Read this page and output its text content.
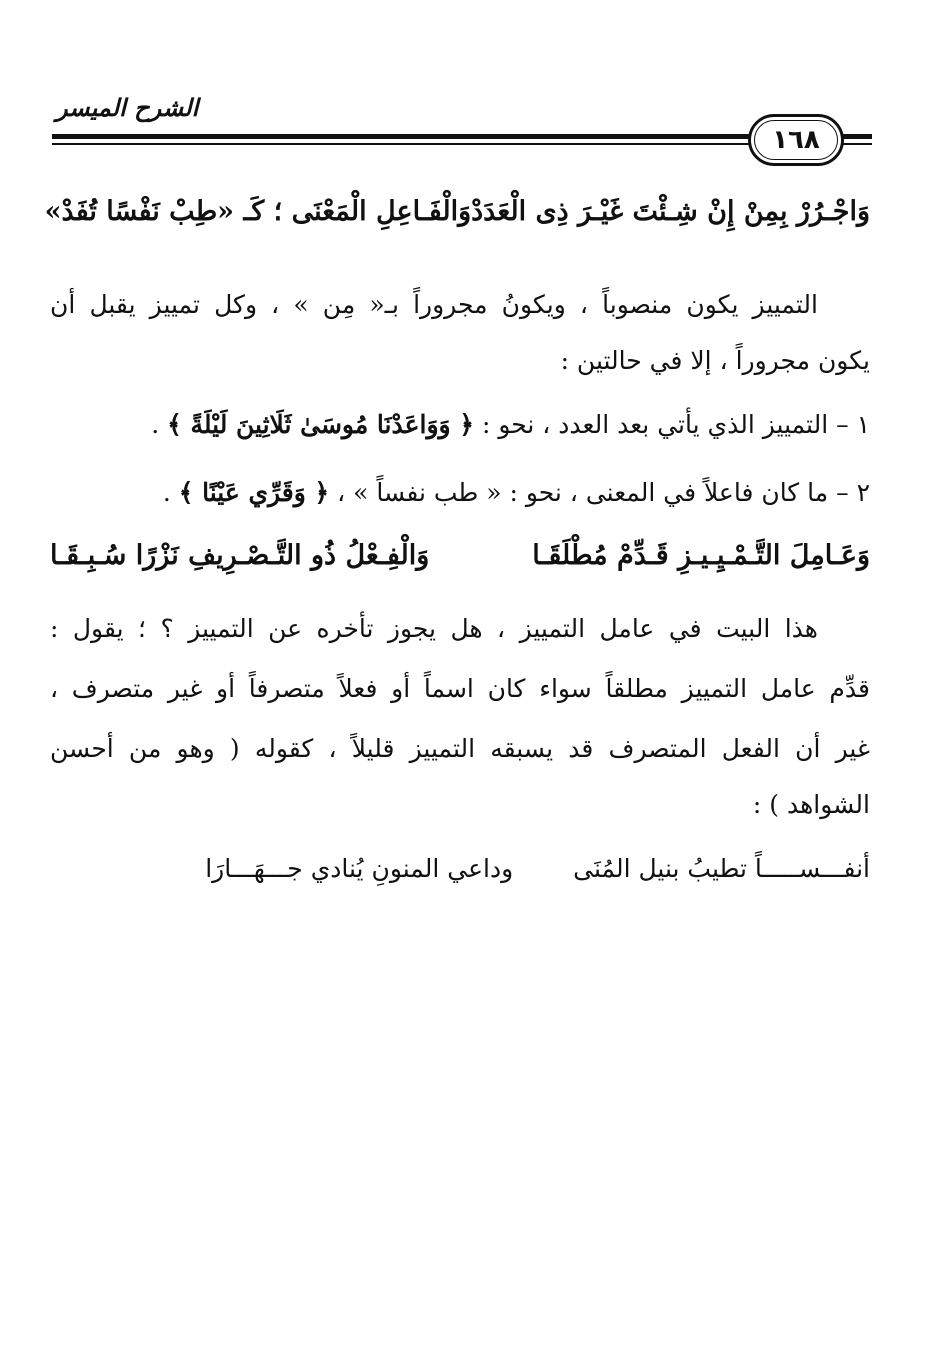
الشرح الميسر
١٦٨
وَاجْـرُرْ بِمِنْ إِنْ شِـئْتَ غَيْـرَ ذِى الْعَدَدْ
وَالْفَـاعِلِ الْمَعْنَى ؛ كَـ «طِبْ نَفْسًا تُفَدْ»
التمييز يكون منصوباً ، ويكونُ مجروراً بـ« مِن » ، وكل تمييز يقبل أن
يكون مجروراً ، إلا في حالتين :
١ – التمييز الذي يأتي بعد العدد ، نحو : ﴿ وَوَاعَدْنَا مُوسَىٰ ثَلَاثِينَ لَيْلَةً ﴾ .
٢ – ما كان فاعلاً في المعنى ، نحو : « طب نفساً » ، ﴿ وَقَرِّي عَيْنًا ﴾ .
وَعَـامِلَ التَّـمْـيِـيـزِ قَـدِّمْ مُطْلَقَـا
وَالْفِـعْلُ ذُو التَّـصْـرِيفِ نَزْرًا سُـبِـقَـا
هذا البيت في عامل التمييز ، هل يجوز تأخره عن التمييز ؟ ؛ يقول :
قدِّم عامل التمييز مطلقاً سواء كان اسماً أو فعلاً متصرفاً أو غير متصرف ،
غير أن الفعل المتصرف قد يسبقه التمييز قليلاً ، كقوله ( وهو من أحسن
الشواهد ) :
أنفـــســـــاً تطيبُ بنيل المُنَى
وداعي المنونِ يُنادي جـــهَـــارَا
